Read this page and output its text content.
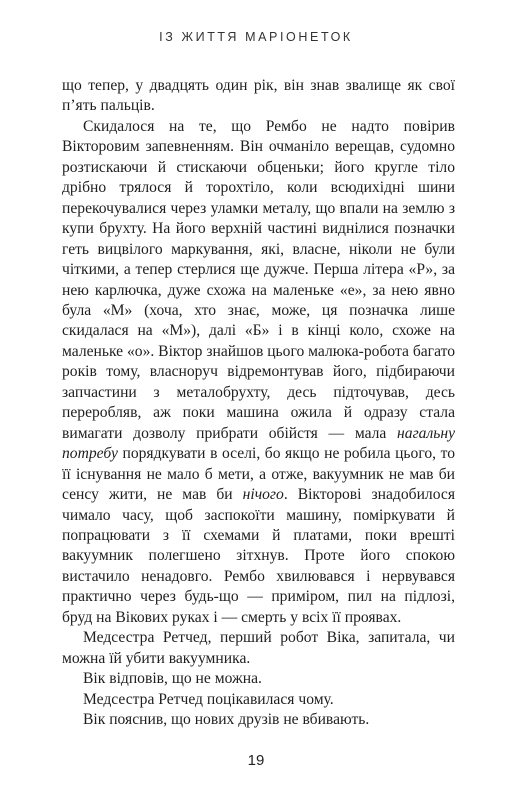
ІЗ ЖИТТЯ МАРІОНЕТОК

що тепер, у двадцять один рік, він знав звалище як свої п’ять пальців.

Скидалося на те, що Рембо не надто повірив Вікторовим запевненням. Він очманіло верещав, судомно розтискаючи й стискаючи обценьки; його кругле тіло дрібно трялося й торохтіло, коли всюдихідні шини перекочувалися через уламки металу, що впали на землю з купи брухту. На його верхній частині виднілися позначки геть вицвілого маркування, які, власне, ніколи не були чіткими, а тепер стерлися ще дужче. Перша літера «Р», за нею карлючка, дуже схожа на маленьке «е», за нею явно була «М» (хоча, хто знає, може, ця позначка лише скидалася на «М»), далі «Б» і в кінці коло, схоже на маленьке «о». Віктор знайшов цього малюка-робота багато років тому, власноруч відремонтував його, підбираючи запчастини з металобрухту, десь підточував, десь переробляв, аж поки машина ожила й одразу стала вимагати дозволу прибрати обійстя — мала нагальну потребу порядкувати в оселі, бо якщо не робила цього, то її існування не мало б мети, а отже, вакуумник не мав би сенсу жити, не мав би нічого. Вікторові знадобилося чимало часу, щоб заспокоїти машину, поміркувати й попрацювати з її схемами й платами, поки врешті вакуумник полегшено зітхнув. Проте його спокою вистачило ненадовго. Рембо хвилювався і нервувався практично через будь-що — приміром, пил на підлозі, бруд на Вікових руках і — смерть у всіх її проявах.

Медсестра Ретчед, перший робот Віка, запитала, чи можна їй убити вакуумника.

Вік відповів, що не можна.

Медсестра Ретчед поцікавилася чому.

Вік пояснив, що нових друзів не вбивають.

19
